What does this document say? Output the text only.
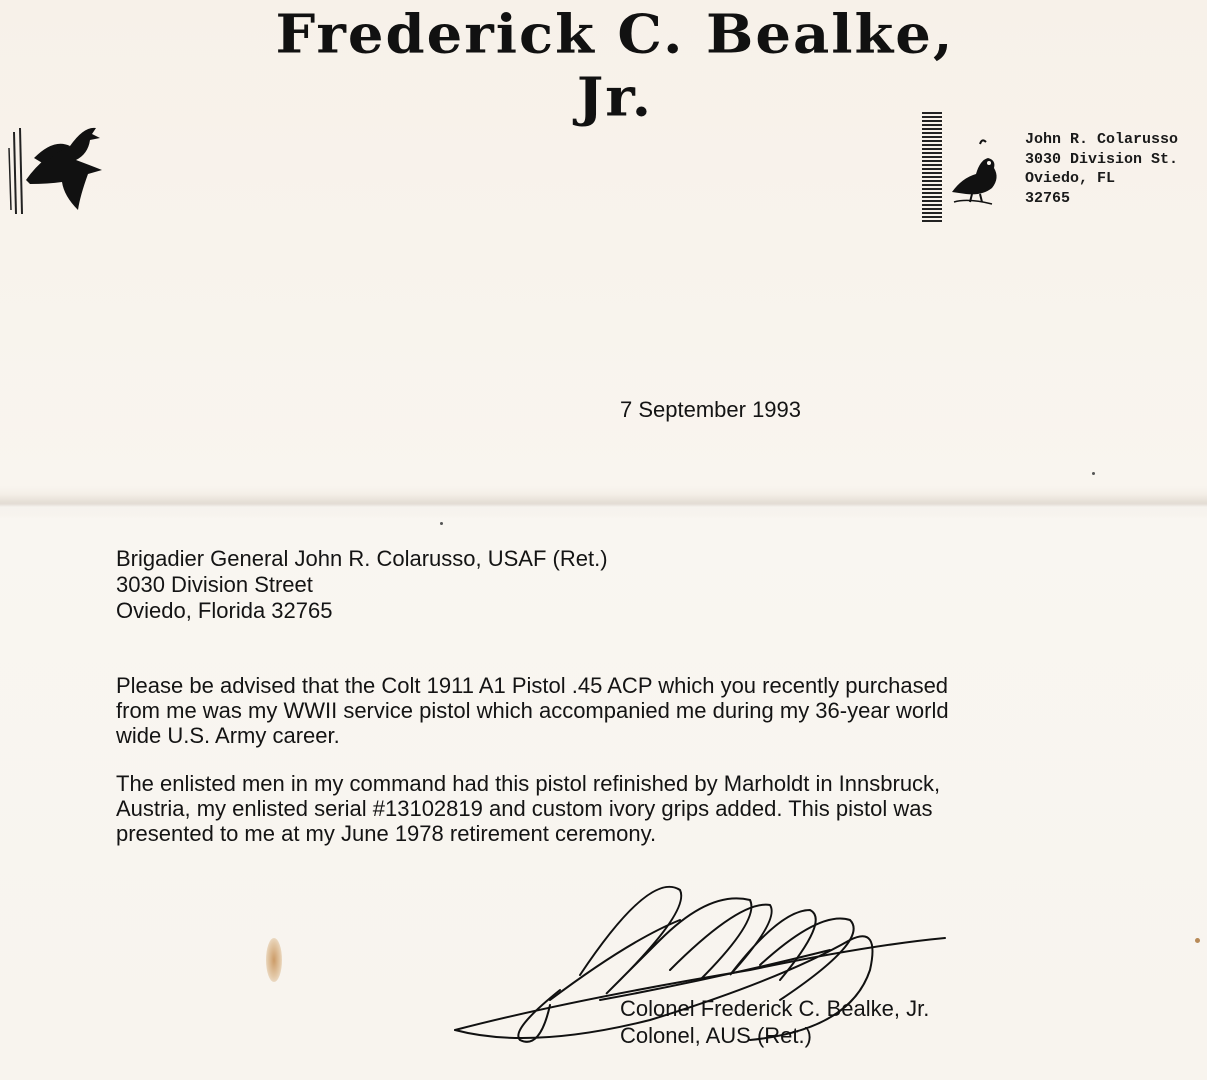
Frederick C. Bealke, Jr.
John R. Colarusso
3030 Division St.
Oviedo, FL
32765
7 September 1993
Brigadier General John R. Colarusso, USAF (Ret.)
3030 Division Street
Oviedo, Florida 32765
Please be advised that the Colt 1911 A1 Pistol .45 ACP which you recently purchased
from me was my WWII service pistol which accompanied me during my 36-year world
wide U.S. Army career.
The enlisted men in my command had this pistol refinished by Marholdt in Innsbruck,
Austria, my enlisted serial #13102819 and custom ivory grips added. This pistol was
presented to me at my June 1978 retirement ceremony.
Colonel Frederick C. Bealke, Jr.
Colonel, AUS (Ret.)
